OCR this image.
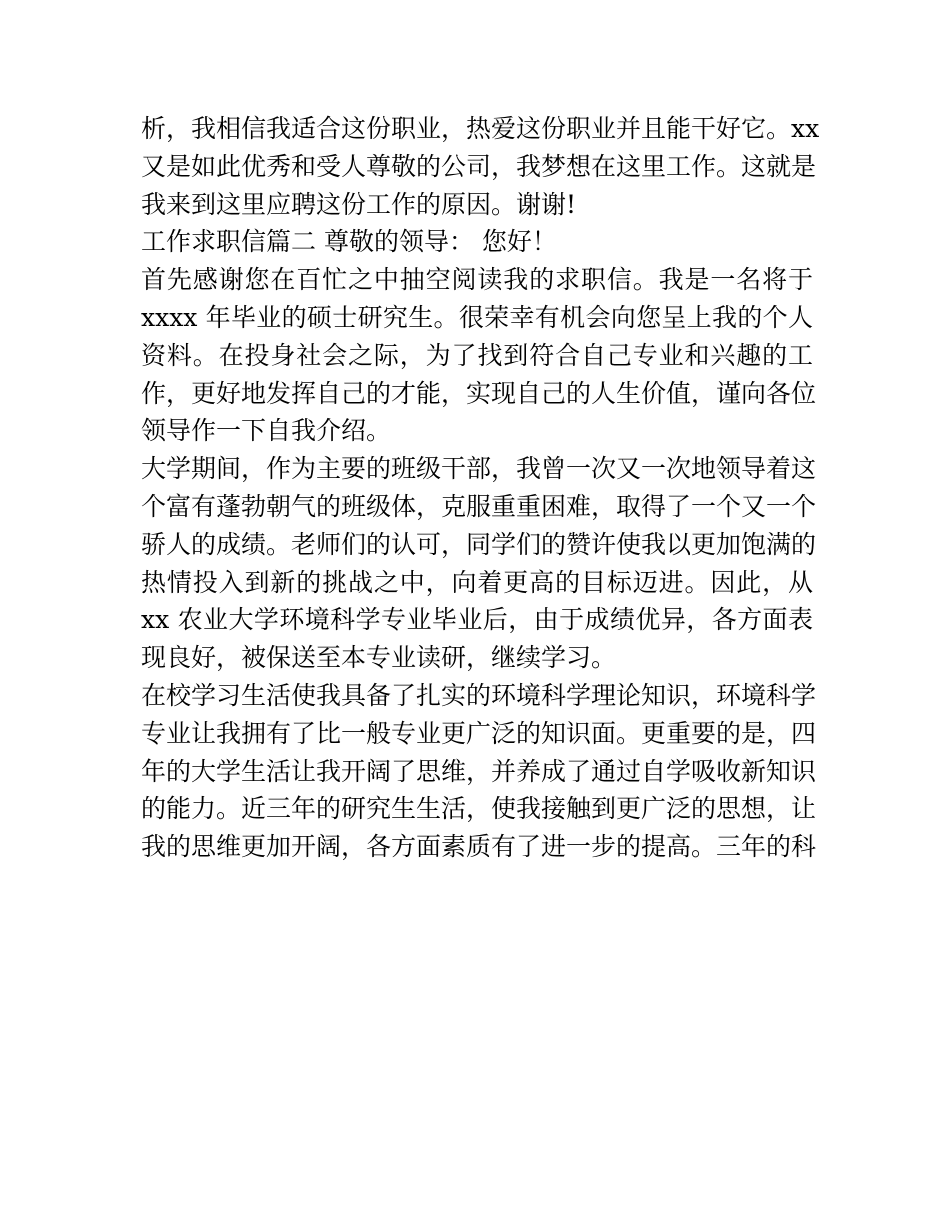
析，我相信我适合这份职业，热爱这份职业并且能干好它。xx
又是如此优秀和受人尊敬的公司，我梦想在这里工作。这就是
我来到这里应聘这份工作的原因。谢谢!
工作求职信篇二 尊敬的领导： 您好！
首先感谢您在百忙之中抽空阅读我的求职信。我是一名将于
xxxx 年毕业的硕士研究生。很荣幸有机会向您呈上我的个人
资料。在投身社会之际，为了找到符合自己专业和兴趣的工
作，更好地发挥自己的才能，实现自己的人生价值，谨向各位
领导作一下自我介绍。
大学期间，作为主要的班级干部，我曾一次又一次地领导着这
个富有蓬勃朝气的班级体，克服重重困难，取得了一个又一个
骄人的成绩。老师们的认可，同学们的赞许使我以更加饱满的
热情投入到新的挑战之中，向着更高的目标迈进。因此，从
xx 农业大学环境科学专业毕业后，由于成绩优异，各方面表
现良好，被保送至本专业读研，继续学习。
在校学习生活使我具备了扎实的环境科学理论知识，环境科学
专业让我拥有了比一般专业更广泛的知识面。更重要的是，四
年的大学生活让我开阔了思维，并养成了通过自学吸收新知识
的能力。近三年的研究生生活，使我接触到更广泛的思想，让
我的思维更加开阔，各方面素质有了进一步的提高。三年的科
